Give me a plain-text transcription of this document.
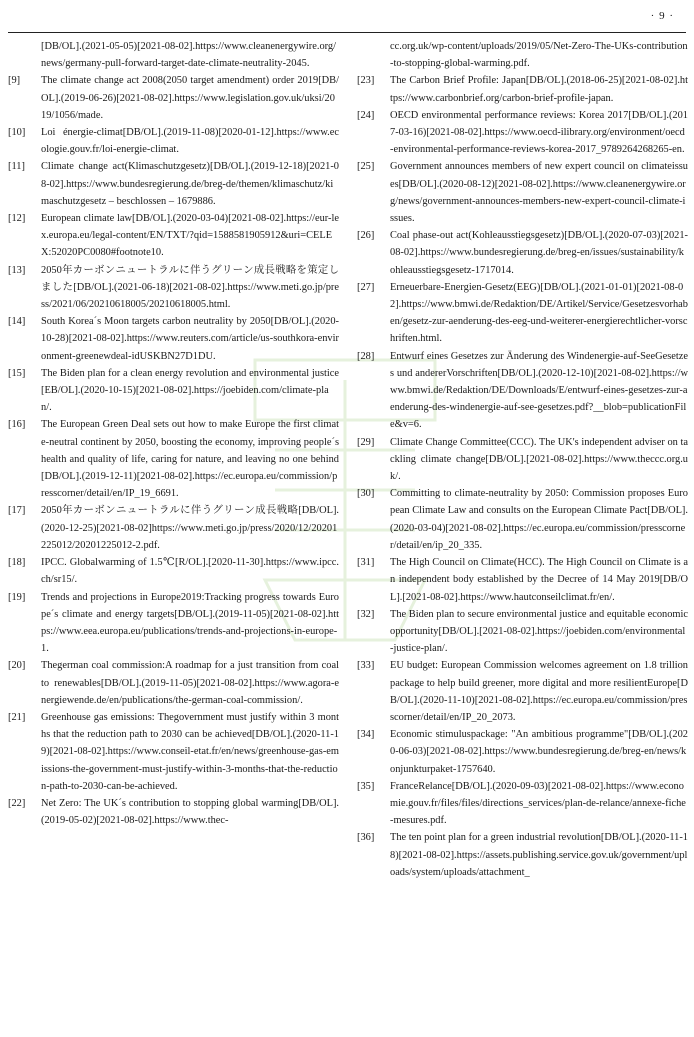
· 9 ·
[DB/OL].(2021-05-05)[2021-08-02].https://www.cleanenergywire.org/news/germany-pull-forward-target-date-climate-neutrality-2045.
[9]	The climate change act 2008(2050 target amendment) order 2019[DB/OL].(2019-06-26)[2021-08-02].https://www.legislation.gov.uk/uksi/2019/1056/made.
[10]	Loi énergie-climat[DB/OL].(2019-11-08)[2020-01-12].https://www.ecologie.gouv.fr/loi-energie-climat.
[11]	Climate change act(Klimaschutzgesetz)[DB/OL].(2019-12-18)[2021-08-02].https://www.bundesregierung.de/breg-de/themen/klimaschutz/kimaschutzgesetz – beschlossen – 1679886.
[12]	European climate law[DB/OL].(2020-03-04)[2021-08-02].https://eur-lex.europa.eu/legal-content/EN/TXT/?qid=1588581905912&uri=CELEX:52020PC0080#footnote10.
[13]	2050年カーボンニュートラルに伴うグリーン成長戦略を策定しました[DB/OL].(2021-06-18)[2021-08-02].https://www.meti.go.jp/press/2021/06/20210618005/20210618005.html.
[14]	South Korea´s Moon targets carbon neutrality by 2050[DB/OL].(2020-10-28)[2021-08-02].https://www.reuters.com/article/us-southkora-environment-greenewdeal-idUSKBN27D1DU.
[15]	The Biden plan for a clean energy revolution and environmental justice[EB/OL].(2020-10-15)[2021-08-02].https://joebiden.com/climate-plan/.
[16]	The European Green Deal sets out how to make Europe the first climate-neutral continent by 2050, boosting the economy, improving people´s health and quality of life, caring for nature, and leaving no one behind[DB/OL].(2019-12-11)[2021-08-02].https://ec.europa.eu/commission/presscorner/detail/en/IP_19_6691.
[17]	2050年カーボンニュートラルに伴うグリーン成長戦略[DB/OL].(2020-12-25)[2021-08-02]https://www.meti.go.jp/press/2020/12/20201225012/20201225012-2.pdf.
[18]	IPCC. Globalwarming of 1.5℃[R/OL].[2020-11-30].https://www.ipcc.ch/sr15/.
[19]	Trends and projections in Europe2019:Tracking progress towards Europe´s climate and energy targets[DB/OL].(2019-11-05)[2021-08-02].https://www.eea.europa.eu/publications/trends-and-projections-in-europe-1.
[20]	Thegerman coal commission:A roadmap for a just transition from coal to renewables[DB/OL].(2019-11-05)[2021-08-02].https://www.agora-energiewende.de/en/publications/the-german-coal-commission/.
[21]	Greenhouse gas emissions: Thegovernment must justify within 3 months that the reduction path to 2030 can be achieved[DB/OL].(2020-11-19)[2021-08-02].https://www.conseil-etat.fr/en/news/greenhouse-gas-emissions-the-government-must-justify-within-3-months-that-the-reduction-path-to-2030-can-be-achieved.
[22]	Net Zero: The UK´s contribution to stopping global warming[DB/OL].(2019-05-02)[2021-08-02].https://www.thec-
cc.org.uk/wp-content/uploads/2019/05/Net-Zero-The-UKs-contribution-to-stopping-global-warming.pdf.
[23]	The Carbon Brief Profile: Japan[DB/OL].(2018-06-25)[2021-08-02].https://www.carbonbrief.org/carbon-brief-profile-japan.
[24]	OECD environmental performance reviews: Korea 2017[DB/OL].(2017-03-16)[2021-08-02].https://www.oecd-ilibrary.org/environment/oecd-environmental-performance-reviews-korea-2017_9789264268265-en.
[25]	Government announces members of new expert council on climateissues[DB/OL].(2020-08-12)[2021-08-02].https://www.cleanenergywire.org/news/government-announces-members-new-expert-council-climate-issues.
[26]	Coal phase-out act(Kohleausstiegsgesetz)[DB/OL].(2020-07-03)[2021-08-02].https://www.bundesregierung.de/breg-en/issues/sustainability/kohleausstiegsgesetz-1717014.
[27]	Erneuerbare-Energien-Gesetz(EEG)[DB/OL].(2021-01-01)[2021-08-02].https://www.bmwi.de/Redaktion/DE/Artikel/Service/Gesetzesvorhaben/gesetz-zur-aenderung-des-eeg-und-weiterer-energierechtlicher-vorschriften.html.
[28]	Entwurf eines Gesetzes zur Änderung des Windenergie-auf-SeeGesetzes und andererVorschriften[DB/OL].(2020-12-10)[2021-08-02].https://www.bmwi.de/Redaktion/DE/Downloads/E/entwurf-eines-gesetzes-zur-aenderung-des-windenergie-auf-see-gesetzes.pdf?__blob=publicationFile&v=6.
[29]	Climate Change Committee(CCC). The UK's independent adviser on tackling climate change[DB/OL].[2021-08-02].https://www.theccc.org.uk/.
[30]	Committing to climate-neutrality by 2050: Commission proposes European Climate Law and consults on the European Climate Pact[DB/OL].(2020-03-04)[2021-08-02].https://ec.europa.eu/commission/presscorner/detail/en/ip_20_335.
[31]	The High Council on Climate(HCC). The High Council on Climate is an independent body established by the Decree of 14 May 2019[DB/OL].[2021-08-02].https://www.hautconseilclimat.fr/en/.
[32]	The Biden plan to secure environmental justice and equitable economicopportunity[DB/OL].[2021-08-02].https://joebiden.com/environmental-justice-plan/.
[33]	EU budget: European Commission welcomes agreement on 1.8 trillion package to help build greener, more digital and more resilientEurope[DB/OL].(2020-11-10)[2021-08-02].https://ec.europa.eu/commission/presscorner/detail/en/IP_20_2073.
[34]	Economic stimuluspackage: "An ambitious programme"[DB/OL].(2020-06-03)[2021-08-02].https://www.bundesregierung.de/breg-en/news/konjunkturpaket-1757640.
[35]	FranceRelance[DB/OL].(2020-09-03)[2021-08-02].https://www.economie.gouv.fr/files/files/directions_services/plan-de-relance/annexe-fiche-mesures.pdf.
[36]	The ten point plan for a green industrial revolution[DB/OL].(2020-11-18)[2021-08-02].https://assets.publishing.service.gov.uk/government/uploads/system/uploads/attachment_
